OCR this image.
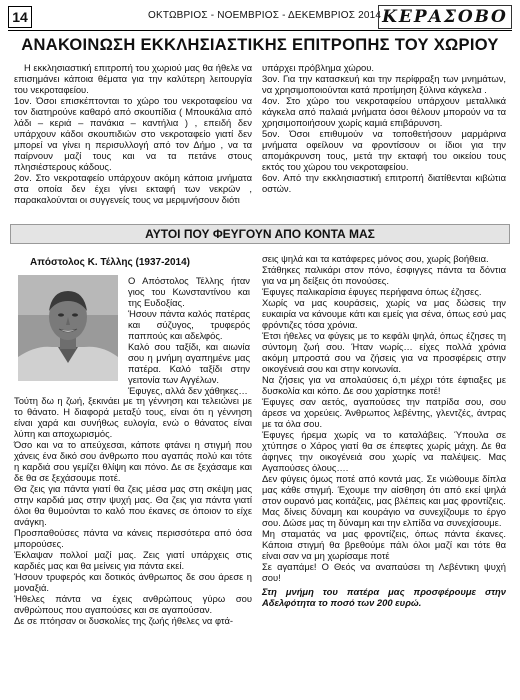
14	ΟΚΤΩΒΡΙΟΣ - ΝΟΕΜΒΡΙΟΣ - ΔΕΚΕΜΒΡΙΟΣ 2014 ΚΕΡΑΣΟΒΟ
ΑΝΑΚΟΙΝΩΣΗ ΕΚΚΛΗΣΙΑΣΤΙΚΗΣ ΕΠΙΤΡΟΠΗΣ ΤΟΥ ΧΩΡΙΟΥ

Η εκκλησιαστική επιτροπή του χωριού μας θα ήθελε να επισημάνει κάποια θέματα για την καλύτερη λειτουργία του νεκροταφείου.

1ον. Όσοι επισκέπτονται το χώρο του νεκροταφείου να τον διατηρούνε καθαρό από σκουπίδια ( Μπουκάλια από λάδι – κεριά – πανάκια – καντήλια ) , επειδή δεν υπάρχουν κάδοι σκουπιδιών στο νεκροταφείο γιατί δεν μπορεί να γίνει η περισυλλογή από τον Δήμο , να τα παίρνουν μαζί τους και να τα πετάνε στους πλησιέστερους κάδους.

2ον. Στο νεκροταφείο υπάρχουν ακόμη κάποια μνήματα στα οποία δεν έχει γίνει εκταφή των νεκρών , παρακαλούνται οι συγγενείς τους να μεριμνήσουν διότι

υπάρχει πρόβλημα χώρου.

3ον. Για την κατασκευή και την περίφραξη των μνημάτων, να χρησιμοποιούνται κατά προτίμηση ξύλινα κάγκελα .

4ον. Στο χώρο του νεκροταφείου υπάρχουν μεταλλικά κάγκελα από παλαιά μνήματα όσοι θέλουν μπορούν να τα χρησιμοποιήσουν χωρίς καμιά επιβάρυνση.

5ον. Όσοι επιθυμούν να τοποθετήσουν μαρμάρινα μνήματα οφείλουν να φροντίσουν οι ίδιοι για την απομάκρυνση τους, μετά την εκταφή του οικείου τους εκτός του χώρου του νεκροταφείου.

6ον. Από την εκκλησιαστική επιτροπή διατίθενται κιβώτια οστών.

ΑΥΤΟΙ ΠΟΥ ΦΕΥΓΟΥΝ ΑΠΟ ΚΟΝΤΑ ΜΑΣ
Απόστολος Κ. Τέλλης (1937-2014)

Ο Απόστολος Τέλλης ήταν γιος του Κωνσταντίνου και της Ευδοξίας.

Ήσουν πάντα καλός πατέρας και σύζυγος, τρυφερός παππούς και αδελφός.

Καλό σου ταξίδι, και αιωνία σου η μνήμη αγαπημένε μας πατέρα. Καλό ταξίδι στην γειτονία των Αγγέλων.

Έφυγες, αλλά δεν χάθηκες…

Τούτη δω η ζωή, ξεκινάει με τη γέννηση και τελειώνει με το θάνατο. Η διαφορά μεταξύ τους, είναι ότι η γέννηση είναι χαρά και συνήθως ευλογία, ενώ ο θάνατος είναι λύπη και αποχωρισμός.

Όσο και να το απεύχεσαι, κάποτε φτάνει η στιγμή που χάνεις ένα δικό σου άνθρωπο που αγαπάς πολύ και τότε η καρδιά σου γεμίζει θλίψη και πόνο. Δε σε ξεχάσαμε και δε θα σε ξεχάσουμε ποτέ.

Θα ζεις για πάντα γιατί θα ζεις μέσα μας στη σκέψη μας στην καρδιά μας στην ψυχή μας. Θα ζεις για πάντα γιατί όλοι θα θυμούνται το καλό που έκανες σε όποιον το είχε ανάγκη.

Προσπαθούσες πάντα να κάνεις περισσότερα από όσα μπορούσες.

Έκλαψαν πολλοί μαζί μας. Ζεις γιατί υπάρχεις στις καρδιές μας και θα μείνεις για πάντα εκεί.

Ήσουν τρυφερός και δοτικός άνθρωπος δε σου άρεσε η μοναξιά.

Ήθελες πάντα να έχεις ανθρώπους γύρω σου ανθρώπους που αγαπούσες και σε αγαπούσαν.

Δε σε πτόησαν οι δυσκολίες της ζωής ήθελες να φτά-

σεις ψηλά και τα κατάφερες μόνος σου, χωρίς βοήθεια.

Στάθηκες παλικάρι στον πόνο, έσφιγγες πάντα τα δόντια για να μη δείξεις ότι πονούσες.

Έφυγες παλικαρίσια έφυγες περήφανα όπως έζησες.

Χωρίς να μας κουράσεις, χωρίς να μας δώσεις την ευκαιρία να κάνουμε κάτι και εμείς για σένα, όπως εσύ μας φρόντιζες τόσα χρόνια.

Έτσι ήθελες να φύγεις με το κεφάλι ψηλά, όπως έζησες τη σύντομη ζωή σου. Ήταν νωρίς… είχες πολλά χρόνια ακόμη μπροστά σου να ζήσεις για να προσφέρεις στην οικογένειά σου και στην κοινωνία.

Να ζήσεις για να απολαύσεις ό,τι μέχρι τότε έφτιαξες με δυσκολία και κόπο. Δε σου χαρίστηκε ποτέ!

Έφυγες σαν αετός, αγαπούσες την πατρίδα σου, σου άρεσε να χορεύεις. Άνθρωπος λεβέντης, γλεντζές, άντρας με τα όλα σου.

Έφυγες ήρεμα χωρίς να το καταλάβεις. Ύπουλα σε χτύπησε ο Χάρος γιατί θα σε έπεφτες χωρίς μάχη. Δε θα άφηνες την οικογένειά σου χωρίς να παλέψεις. Μας Αγαπούσες όλους….

Δεν φύγεις όμως ποτέ από κοντά μας. Σε νιώθουμε δίπλα μας κάθε στιγμή. Έχουμε την αίσθηση ότι από εκεί ψηλά στον ουρανό μας κοιτάζεις, μας βλέπεις και μας φροντίζεις.

Μας δίνεις δύναμη και κουράγιο να συνεχίζουμε το έργο σου. Δώσε μας τη δύναμη και την ελπίδα να συνεχίσουμε.

Μη σταματάς να μας φροντίζεις, όπως πάντα έκανες. Κάποια στιγμή θα βρεθούμε πάλι όλοι μαζί και τότε θα είναι σαν να μη χωρίσαμε ποτέ

Σε αγαπάμε! Ο Θεός να αναπαύσει τη Λεβέντικη ψυχή σου!

Στη μνήμη του πατέρα μας προσφέρουμε στην Αδελφότητα το ποσό των 200 ευρώ.
